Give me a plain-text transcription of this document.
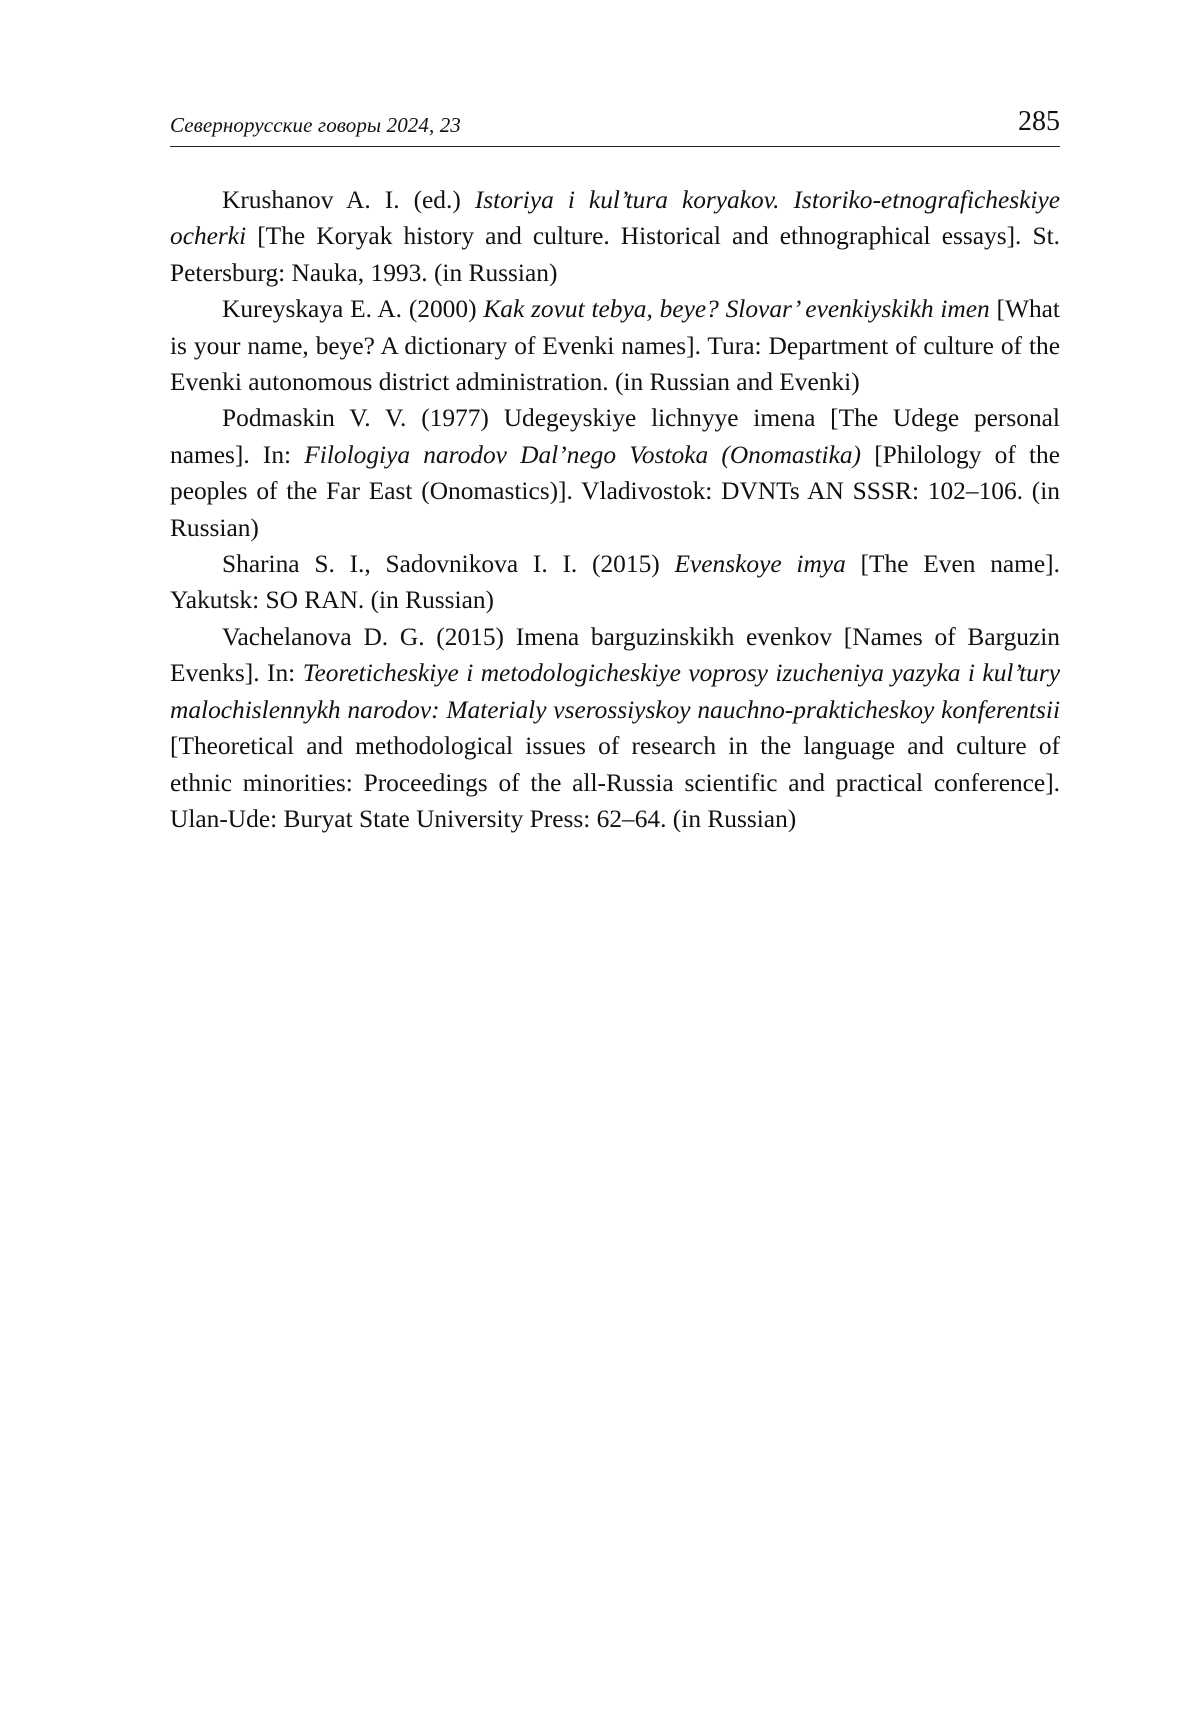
Севернорусские говоры 2024, 23	285

Krushanov A. I. (ed.) Istoriya i kul’tura koryakov. Istoriko-etnograficheskiye ocherki [The Koryak history and culture. Historical and ethnographical essays]. St. Petersburg: Nauka, 1993. (in Russian)

Kureyskaya E. A. (2000) Kak zovut tebya, beye? Slovar’ evenkiyskikh imen [What is your name, beye? A dictionary of Evenki names]. Tura: Department of culture of the Evenki autonomous district administration. (in Russian and Evenki)

Podmaskin V. V. (1977) Udegeyskiye lichnyye imena [The Udege personal names]. In: Filologiya narodov Dal’nego Vostoka (Onomastika) [Philology of the peoples of the Far East (Onomastics)]. Vladivostok: DVNTs AN SSSR: 102–106. (in Russian)

Sharina S. I., Sadovnikova I. I. (2015) Evenskoye imya [The Even name]. Yakutsk: SO RAN. (in Russian)

Vachelanova D. G. (2015) Imena barguzinskikh evenkov [Names of Barguzin Evenks]. In: Teoreticheskiye i metodologicheskiye voprosy izucheniya yazyka i kul’tury malochislennykh narodov: Materialy vserossiyskoy nauchno-prakticheskoy konferentsii [Theoretical and methodological issues of research in the language and culture of ethnic minorities: Proceedings of the all-Russia scientific and practical conference]. Ulan-Ude: Buryat State University Press: 62–64. (in Russian)
